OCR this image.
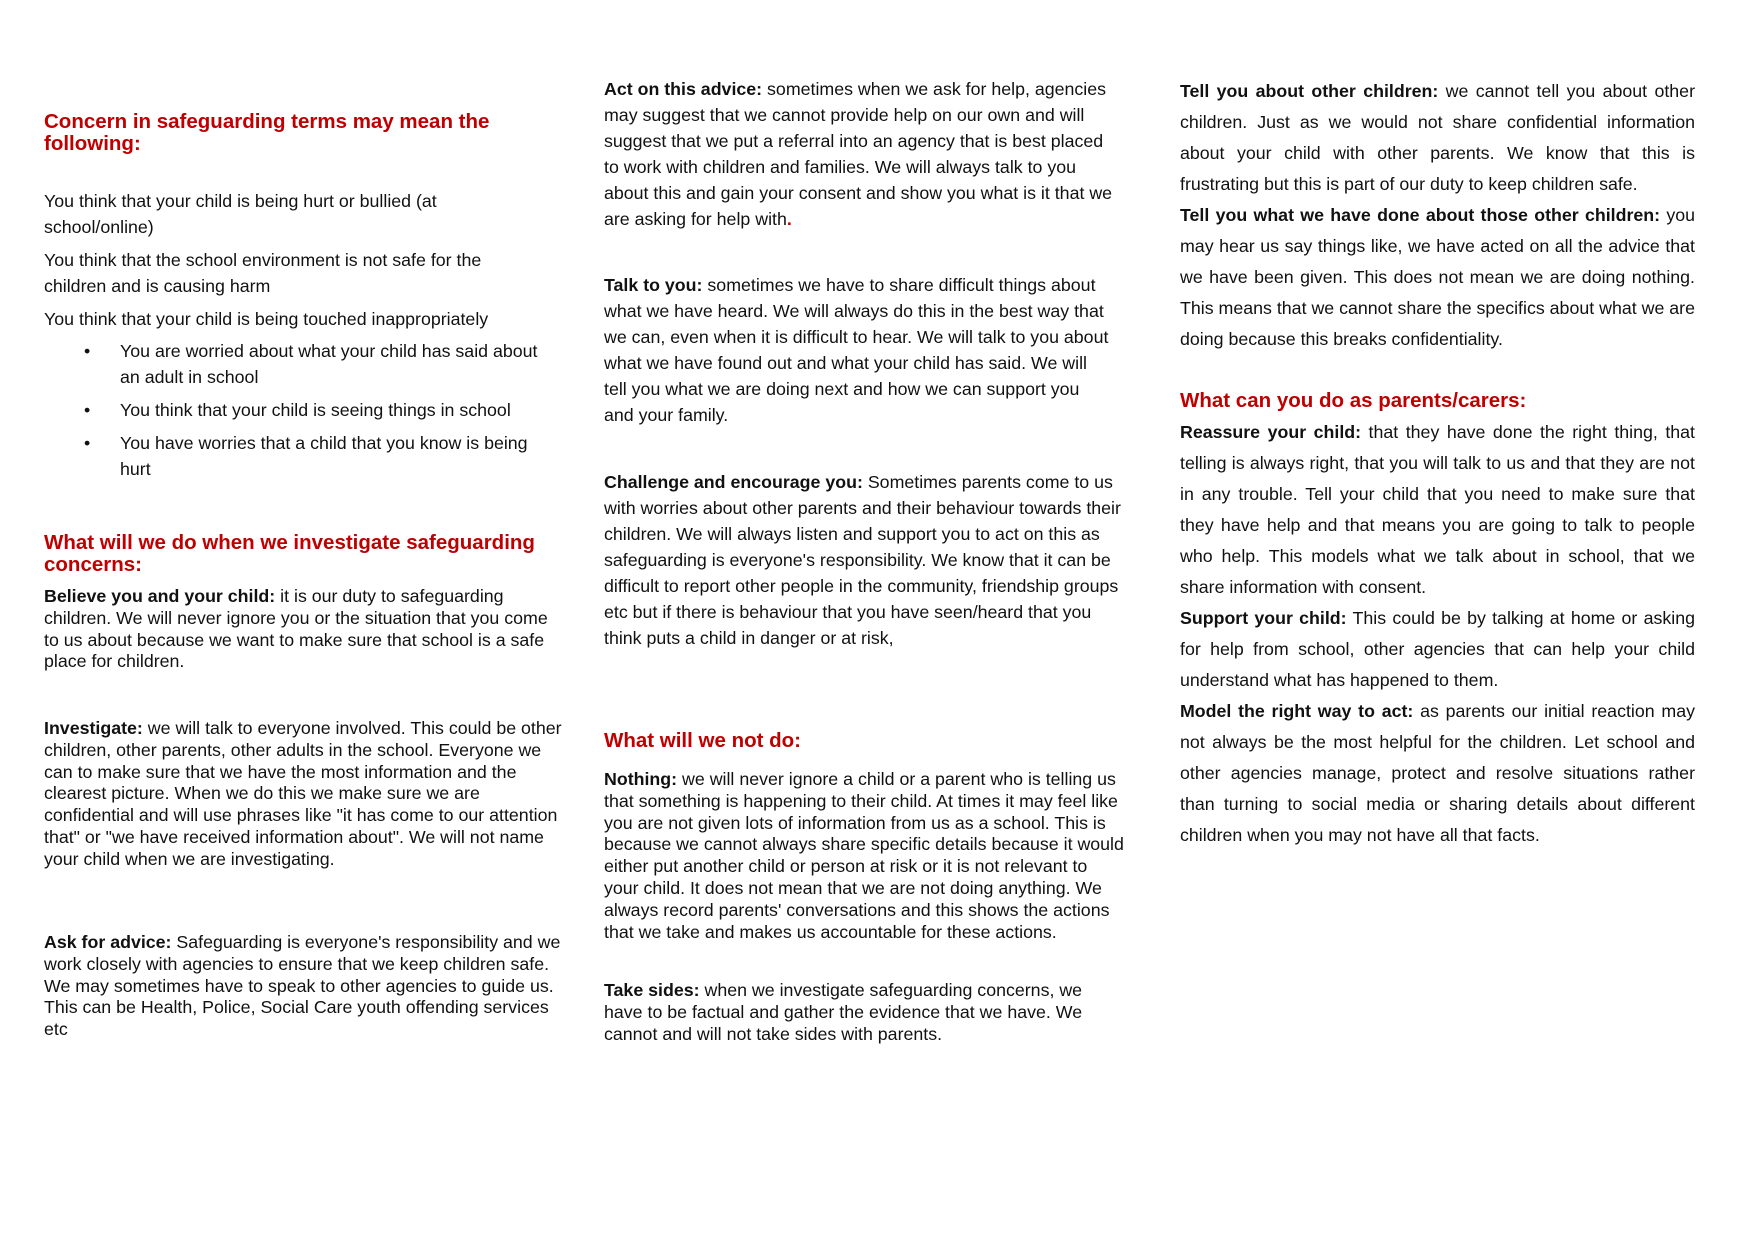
Concern in safeguarding terms may mean the following:

You think that your child is being hurt or bullied (at school/online)

You think that the school environment is not safe for the children and is causing harm

You think that your child is being touched inappropriately

• You are worried about what your child has said about an adult in school
• You think that your child is seeing things in school
• You have worries that a child that you know is being hurt
What will we do when we investigate safeguarding concerns:

Believe you and your child: it is our duty to safeguarding children. We will never ignore you or the situation that you come to us about because we want to make sure that school is a safe place for children.

Investigate: we will talk to everyone involved. This could be other children, other parents, other adults in the school. Everyone we can to make sure that we have the most information and the clearest picture. When we do this we make sure we are confidential and will use phrases like "it has come to our attention that" or "we have received information about". We will not name your child when we are investigating.

Ask for advice: Safeguarding is everyone's responsibility and we work closely with agencies to ensure that we keep children safe. We may sometimes have to speak to other agencies to guide us. This can be Health, Police, Social Care youth offending services etc

Act on this advice: sometimes when we ask for help, agencies may suggest that we cannot provide help on our own and will suggest that we put a referral into an agency that is best placed to work with children and families. We will always talk to you about this and gain your consent and show you what is it that we are asking for help with.

Talk to you: sometimes we have to share difficult things about what we have heard. We will always do this in the best way that we can, even when it is difficult to hear. We will talk to you about what we have found out and what your child has said. We will tell you what we are doing next and how we can support you and your family.

Challenge and encourage you: Sometimes parents come to us with worries about other parents and their behaviour towards their children. We will always listen and support you to act on this as safeguarding is everyone's responsibility. We know that it can be difficult to report other people in the community, friendship groups etc but if there is behaviour that you have seen/heard that you think puts a child in danger or at risk,

What will we not do:

Nothing: we will never ignore a child or a parent who is telling us that something is happening to their child. At times it may feel like you are not given lots of information from us as a school. This is because we cannot always share specific details because it would either put another child or person at risk or it is not relevant to your child. It does not mean that we are not doing anything. We always record parents' conversations and this shows the actions that we take and makes us accountable for these actions.

Take sides: when we investigate safeguarding concerns, we have to be factual and gather the evidence that we have. We cannot and will not take sides with parents.

Tell you about other children: we cannot tell you about other children. Just as we would not share confidential information about your child with other parents. We know that this is frustrating but this is part of our duty to keep children safe.

Tell you what we have done about those other children: you may hear us say things like, we have acted on all the advice that we have been given. This does not mean we are doing nothing. This means that we cannot share the specifics about what we are doing because this breaks confidentiality.

What can you do as parents/carers:

Reassure your child: that they have done the right thing, that telling is always right, that you will talk to us and that they are not in any trouble. Tell your child that you need to make sure that they have help and that means you are going to talk to people who help. This models what we talk about in school, that we share information with consent.

Support your child: This could be by talking at home or asking for help from school, other agencies that can help your child understand what has happened to them.

Model the right way to act: as parents our initial reaction may not always be the most helpful for the children. Let school and other agencies manage, protect and resolve situations rather than turning to social media or sharing details about different children when you may not have all that facts.
